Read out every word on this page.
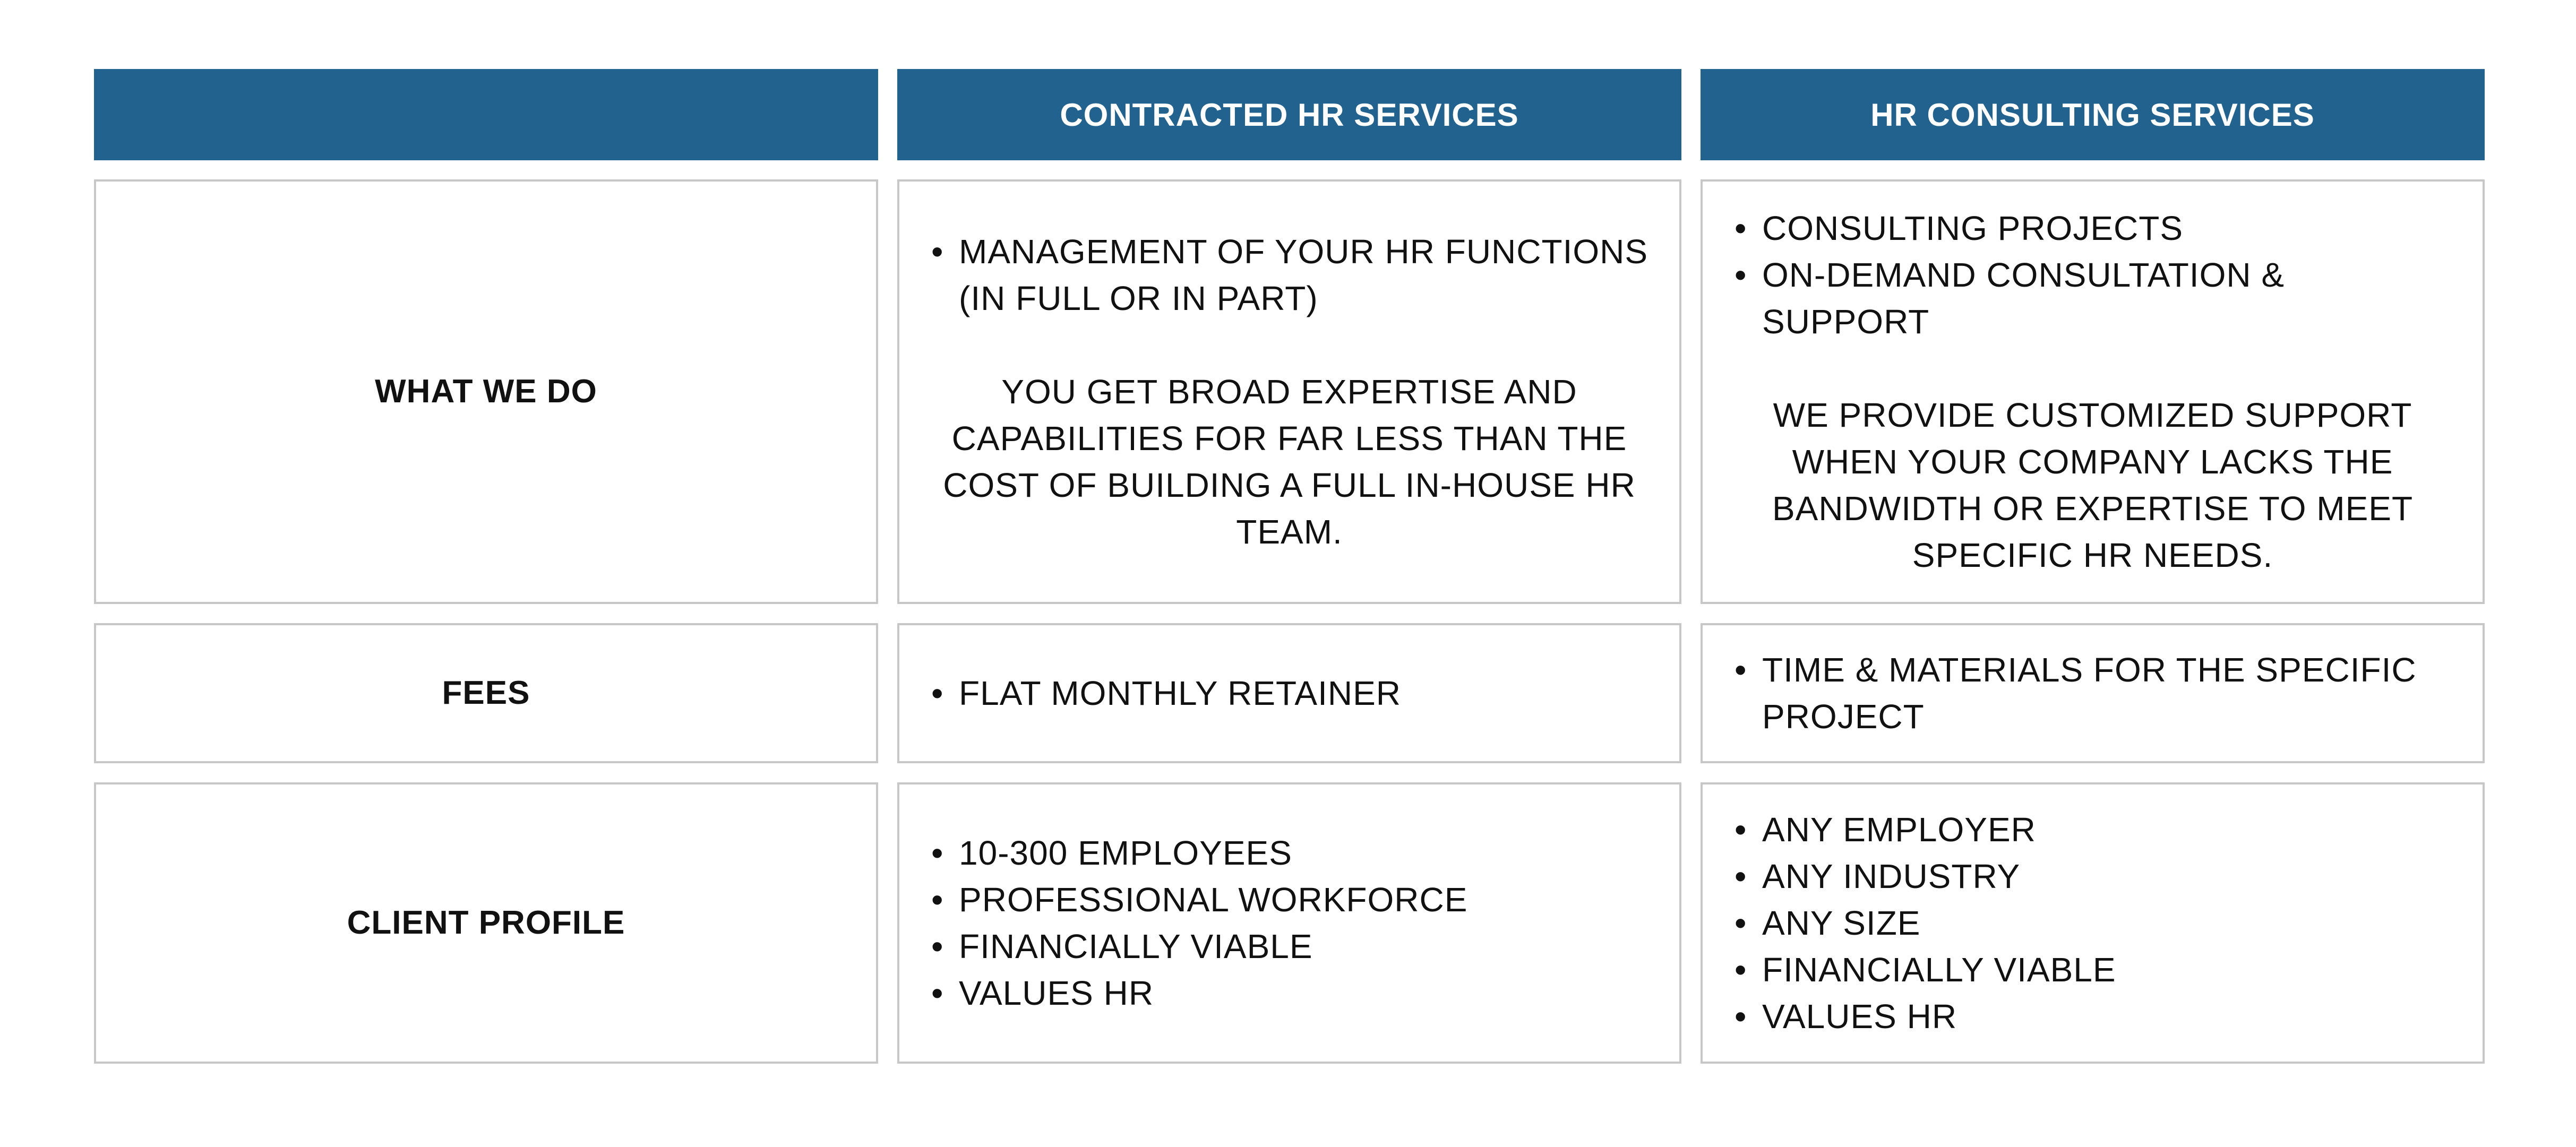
CONTRACTED HR SERVICES	HR CONSULTING SERVICES
WHAT WE DO
• MANAGEMENT OF YOUR HR FUNCTIONS (IN FULL OR IN PART)
YOU GET BROAD EXPERTISE AND CAPABILITIES FOR FAR LESS THAN THE COST OF BUILDING A FULL IN-HOUSE HR TEAM.
• CONSULTING PROJECTS
• ON-DEMAND CONSULTATION & SUPPORT
WE PROVIDE CUSTOMIZED SUPPORT WHEN YOUR COMPANY LACKS THE BANDWIDTH OR EXPERTISE TO MEET SPECIFIC HR NEEDS.
FEES
•	FLAT MONTHLY RETAINER
• TIME & MATERIALS FOR THE SPECIFIC PROJECT
CLIENT PROFILE
• 10-300 EMPLOYEES
• PROFESSIONAL WORKFORCE
• FINANCIALLY VIABLE
• VALUES HR
• ANY EMPLOYER
• ANY INDUSTRY
• ANY SIZE
• FINANCIALLY VIABLE
• VALUES HR
